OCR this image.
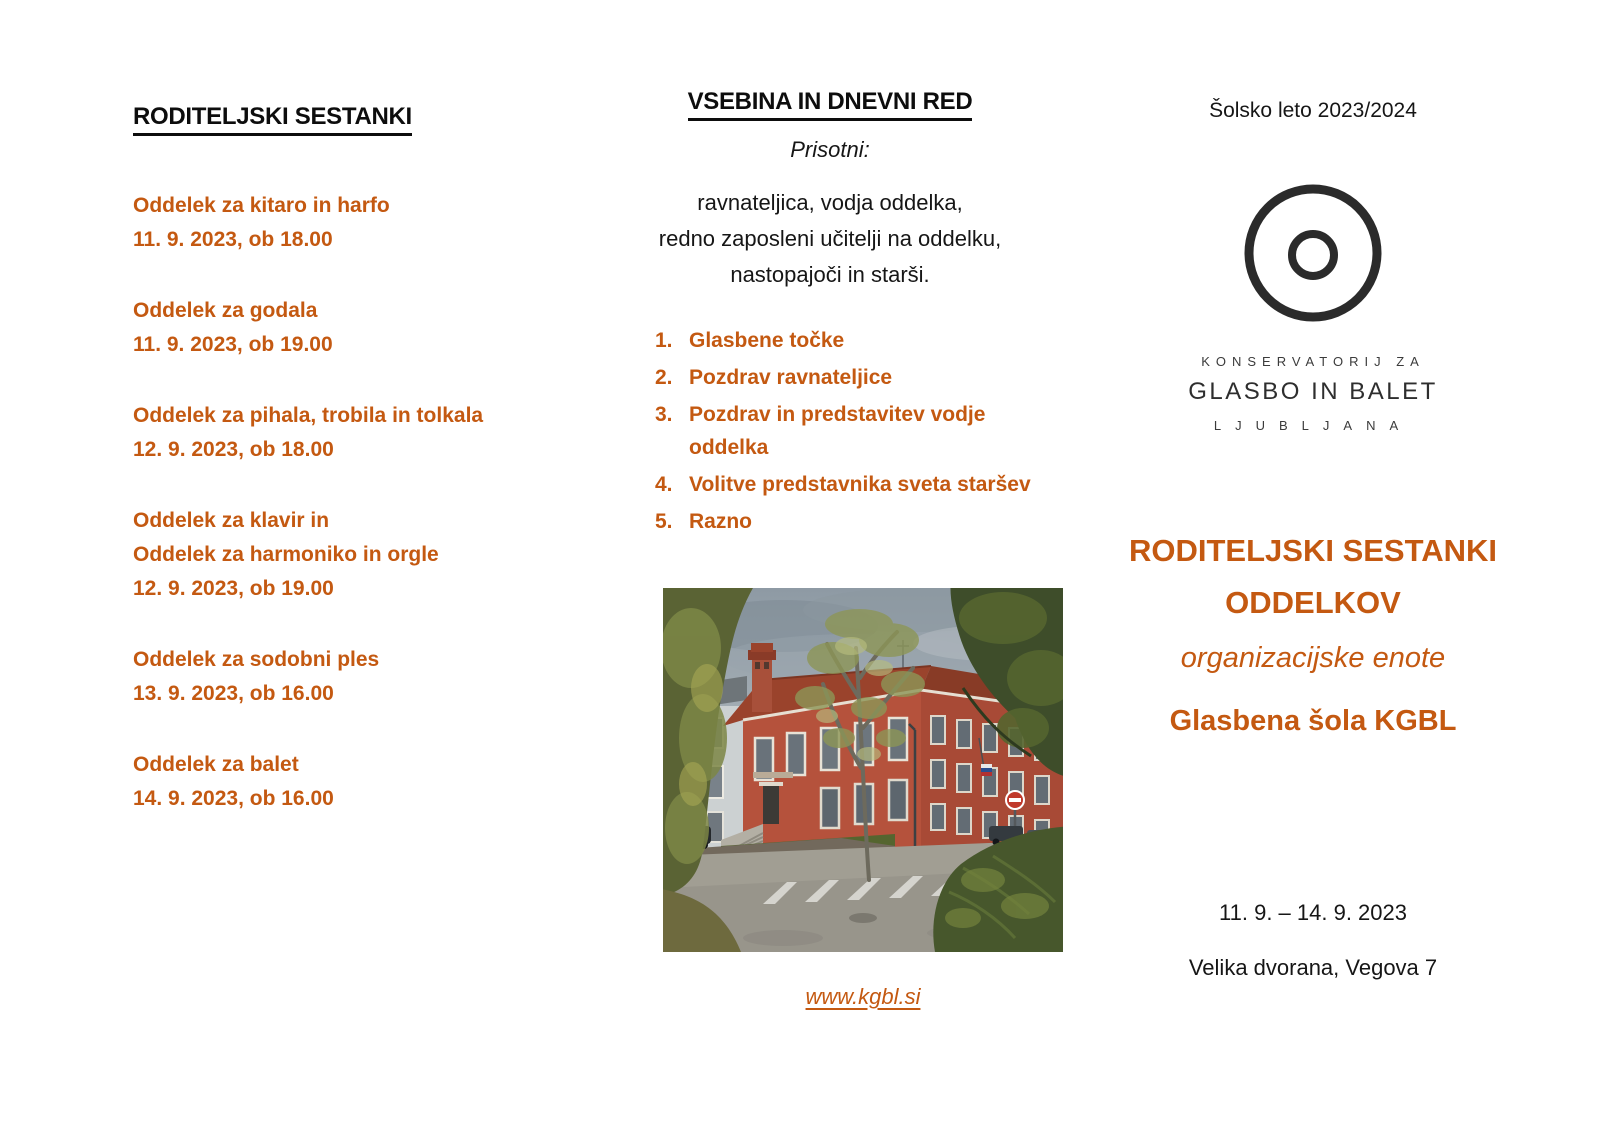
RODITELJSKI SESTANKI
Oddelek za kitaro in harfo
11. 9. 2023, ob 18.00
Oddelek za godala
11. 9. 2023, ob 19.00
Oddelek za pihala, trobila in tolkala
12. 9. 2023, ob 18.00
Oddelek za klavir in
Oddelek za harmoniko in orgle
12. 9. 2023, ob 19.00
Oddelek za sodobni ples
13. 9. 2023, ob 16.00
Oddelek za balet
14. 9. 2023, ob 16.00
VSEBINA IN DNEVNI RED
Prisotni:
ravnateljica, vodja oddelka,
redno zaposleni učitelji na oddelku,
nastopajoči in starši.
1. Glasbene točke
2. Pozdrav ravnateljice
3. Pozdrav in predstavitev vodje oddelka
4. Volitve predstavnika sveta staršev
5. Razno
www.kgbl.si
Šolsko leto 2023/2024
KONSERVATORIJ ZA
GLASBO IN BALET
LJUBLJANA
RODITELJSKI SESTANKI
ODDELKOV
organizacijske enote
Glasbena šola KGBL
11. 9. – 14. 9. 2023
Velika dvorana, Vegova 7
